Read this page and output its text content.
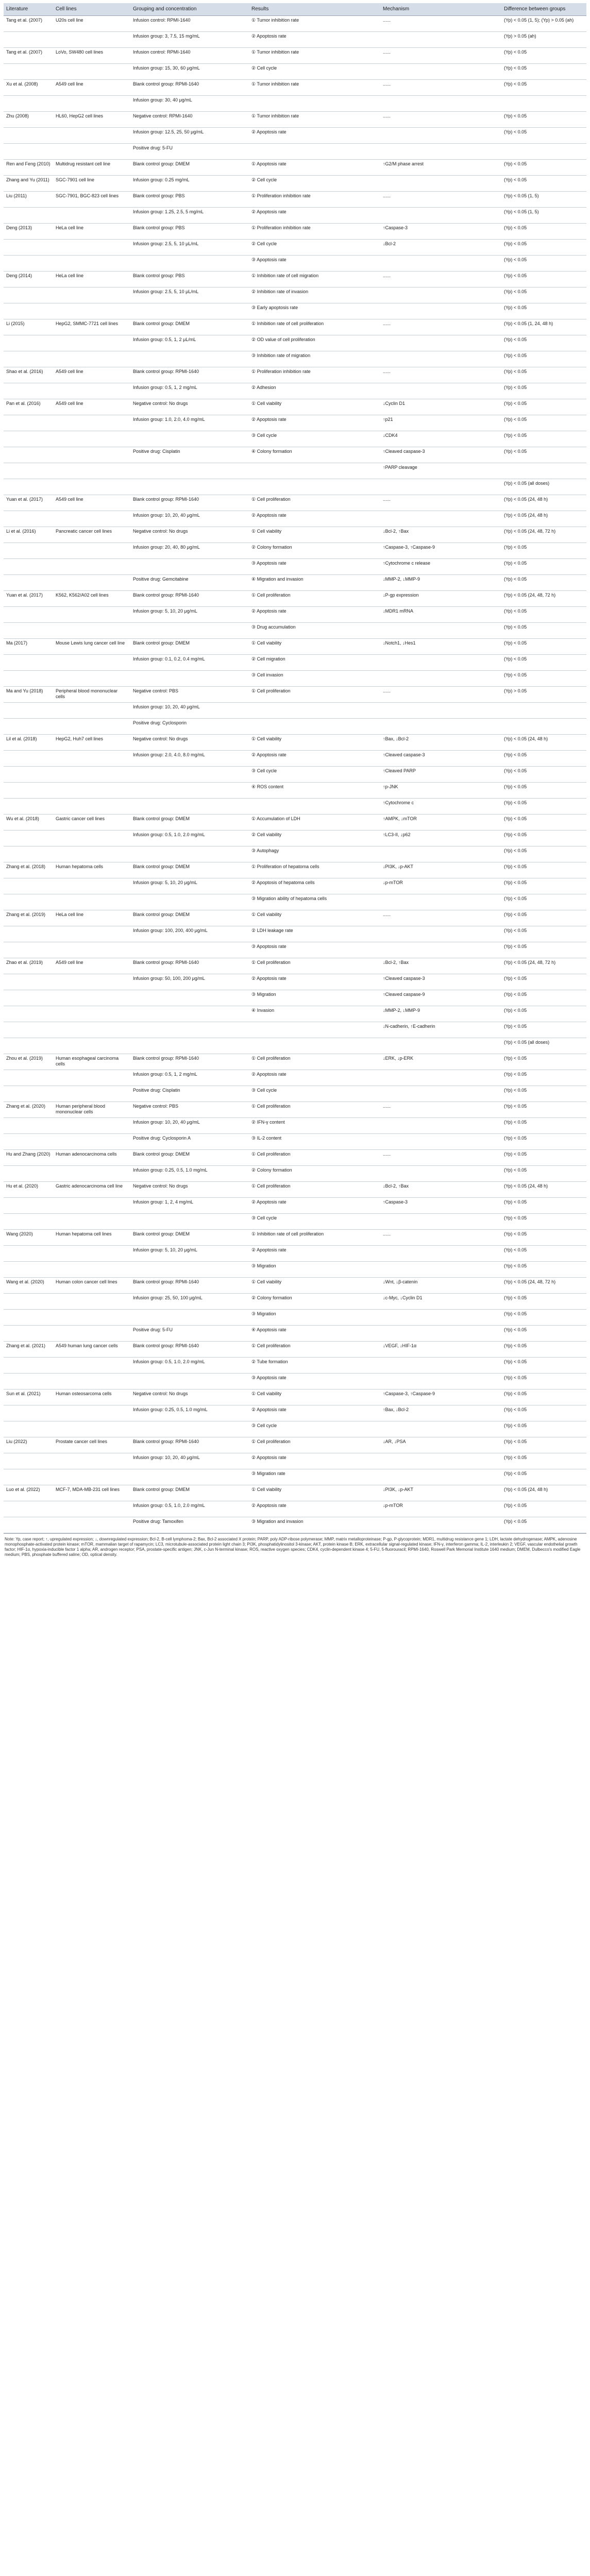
Literature	Cell lines	Grouping and concentration	Results	Mechanism	Difference between groups
Tang et al. (2007)	U20s cell line	Infusion control: RPMI-1640	① Tumor inhibition rate	......	(Yp) < 0.05 (1, 5); (Yp) > 0.05 (ah)
		Infusion group: 3, 7.5, 15 mg/mL	② Apoptosis rate		(Yp) > 0.05 (ah)
Tang et al. (2007)	LoVo, SW480 cell lines	Infusion control: RPMI-1640	① Tumor inhibition rate	......	(Yp) < 0.05
		Infusion group: 15, 30, 60 μg/mL	② Cell cycle		(Yp) < 0.05
Xu et al. (2008)	A549 cell line	Blank control group: RPMI-1640	① Tumor inhibition rate	......	(Yp) < 0.05
		Infusion group: 30, 40 μg/mL			
Zhu (2008)	HL60, HepG2 cell lines	Negative control: RPMI-1640	① Tumor inhibition rate	......	(Yp) < 0.05
		Infusion group: 12.5, 25, 50 μg/mL	② Apoptosis rate		(Yp) < 0.05
		Positive drug: 5-FU			
Ren and Feng (2010)	Multidrug resistant cell line	Blank control group: DMEM	① Apoptosis rate	↑G2/M phase arrest	(Yp) < 0.05
Zhang and Yu (2011)	SGC-7901 cell line	Infusion group: 0.25 mg/mL	② Cell cycle		(Yp) < 0.05
Liu (2011)	SGC-7901, BGC-823 cell lines	Blank control group: PBS	① Proliferation inhibition rate	......	(Yp) < 0.05 (1, 5)
		Infusion group: 1.25, 2.5, 5 mg/mL	② Apoptosis rate		(Yp) < 0.05 (1, 5)
Deng (2013)	HeLa cell line	Blank control group: PBS	① Proliferation inhibition rate	↑Caspase-3	(Yp) < 0.05
		Infusion group: 2.5, 5, 10 μL/mL	② Cell cycle	↓Bcl-2	(Yp) < 0.05
			③ Apoptosis rate		(Yp) < 0.05
Deng (2014)	HeLa cell line	Blank control group: PBS	① Inhibition rate of cell migration	......	(Yp) < 0.05
		Infusion group: 2.5, 5, 10 μL/mL	② Inhibition rate of invasion		(Yp) < 0.05
			③ Early apoptosis rate		(Yp) < 0.05
Li (2015)	HepG2, SMMC-7721 cell lines	Blank control group: DMEM	① Inhibition rate of cell proliferation	......	(Yp) < 0.05 (1, 24, 48 h)
		Infusion group: 0.5, 1, 2 μL/mL	② OD value of cell proliferation		(Yp) < 0.05
			③ Inhibition rate of migration		(Yp) < 0.05
Shao et al. (2016)	A549 cell line	Blank control group: RPMI-1640	① Proliferation inhibition rate	......	(Yp) < 0.05
		Infusion group: 0.5, 1, 2 mg/mL	② Adhesion		(Yp) < 0.05
Pan et al. (2016)	A549 cell line	Negative control: No drugs	① Cell viability	↓Cyclin D1	(Yp) < 0.05
		Infusion group: 1.0, 2.0, 4.0 mg/mL	② Apoptosis rate	↑p21	(Yp) < 0.05
			③ Cell cycle	↓CDK4	(Yp) < 0.05
		Positive drug: Cisplatin	④ Colony formation	↑Cleaved caspase-3	(Yp) < 0.05
				↑PARP cleavage	
					(Yp) < 0.05 (all doses)
Yuan et al. (2017)	A549 cell line	Blank control group: RPMI-1640	① Cell proliferation	......	(Yp) < 0.05 (24, 48 h)
		Infusion group: 10, 20, 40 μg/mL	② Apoptosis rate		(Yp) < 0.05 (24, 48 h)
Li et al. (2016)	Pancreatic cancer cell lines	Negative control: No drugs	① Cell viability	↓Bcl-2, ↑Bax	(Yp) < 0.05 (24, 48, 72 h)
		Infusion group: 20, 40, 80 μg/mL	② Colony formation	↑Caspase-3, ↑Caspase-9	(Yp) < 0.05
			③ Apoptosis rate	↑Cytochrome c release	(Yp) < 0.05
		Positive drug: Gemcitabine	④ Migration and invasion	↓MMP-2, ↓MMP-9	(Yp) < 0.05
Yuan et al. (2017)	K562, K562/A02 cell lines	Blank control group: RPMI-1640	① Cell proliferation	↓P-gp expression	(Yp) < 0.05 (24, 48, 72 h)
		Infusion group: 5, 10, 20 μg/mL	② Apoptosis rate	↓MDR1 mRNA	(Yp) < 0.05
			③ Drug accumulation		(Yp) < 0.05
Ma (2017)	Mouse Lewis lung cancer cell line	Blank control group: DMEM	① Cell viability	↓Notch1, ↓Hes1	(Yp) < 0.05
		Infusion group: 0.1, 0.2, 0.4 mg/mL	② Cell migration		(Yp) < 0.05
			③ Cell invasion		(Yp) < 0.05
Ma and Yu (2018)	Peripheral blood mononuclear cells	Negative control: PBS	① Cell proliferation	......	(Yp) > 0.05
		Infusion group: 10, 20, 40 μg/mL			
		Positive drug: Cyclosporin			
Lil et al. (2018)	HepG2, Huh7 cell lines	Negative control: No drugs	① Cell viability	↑Bax, ↓Bcl-2	(Yp) < 0.05 (24, 48 h)
		Infusion group: 2.0, 4.0, 8.0 mg/mL	② Apoptosis rate	↑Cleaved caspase-3	(Yp) < 0.05
			③ Cell cycle	↑Cleaved PARP	(Yp) < 0.05
			④ ROS content	↑p-JNK	(Yp) < 0.05
				↑Cytochrome c	(Yp) < 0.05
Wu et al. (2018)	Gastric cancer cell lines	Blank control group: DMEM	① Accumulation of LDH	↑AMPK, ↓mTOR	(Yp) < 0.05
		Infusion group: 0.5, 1.0, 2.0 mg/mL	② Cell viability	↑LC3-II, ↓p62	(Yp) < 0.05
			③ Autophagy		(Yp) < 0.05
Zhang et al. (2018)	Human hepatoma cells	Blank control group: DMEM	① Proliferation of hepatoma cells	↓PI3K, ↓p-AKT	(Yp) < 0.05
		Infusion group: 5, 10, 20 μg/mL	② Apoptosis of hepatoma cells	↓p-mTOR	(Yp) < 0.05
			③ Migration ability of hepatoma cells		(Yp) < 0.05
Zhang et al. (2019)	HeLa cell line	Blank control group: DMEM	① Cell viability	......	(Yp) < 0.05
		Infusion group: 100, 200, 400 μg/mL	② LDH leakage rate		(Yp) < 0.05
			③ Apoptosis rate		(Yp) < 0.05
Zhao et al. (2019)	A549 cell line	Blank control group: RPMI-1640	① Cell proliferation	↓Bcl-2, ↑Bax	(Yp) < 0.05 (24, 48, 72 h)
		Infusion group: 50, 100, 200 μg/mL	② Apoptosis rate	↑Cleaved caspase-3	(Yp) < 0.05
			③ Migration	↑Cleaved caspase-9	(Yp) < 0.05
			④ Invasion	↓MMP-2, ↓MMP-9	(Yp) < 0.05
				↓N-cadherin, ↑E-cadherin	(Yp) < 0.05
					(Yp) < 0.05 (all doses)
Zhou et al. (2019)	Human esophageal carcinoma cells	Blank control group: RPMI-1640	① Cell proliferation	↓ERK, ↓p-ERK	(Yp) < 0.05
		Infusion group: 0.5, 1, 2 mg/mL	② Apoptosis rate		(Yp) < 0.05
		Positive drug: Cisplatin	③ Cell cycle		(Yp) < 0.05
Zhang et al. (2020)	Human peripheral blood mononuclear cells	Negative control: PBS	① Cell proliferation	......	(Yp) < 0.05
		Infusion group: 10, 20, 40 μg/mL	② IFN-γ content		(Yp) < 0.05
		Positive drug: Cyclosporin A	③ IL-2 content		(Yp) < 0.05
Hu and Zhang (2020)	Human adenocarcinoma cells	Blank control group: DMEM	① Cell proliferation	......	(Yp) < 0.05
		Infusion group: 0.25, 0.5, 1.0 mg/mL	② Colony formation		(Yp) < 0.05
Hu et al. (2020)	Gastric adenocarcinoma cell line	Negative control: No drugs	① Cell proliferation	↓Bcl-2, ↑Bax	(Yp) < 0.05 (24, 48 h)
		Infusion group: 1, 2, 4 mg/mL	② Apoptosis rate	↑Caspase-3	(Yp) < 0.05
			③ Cell cycle		(Yp) < 0.05
Wang (2020)	Human hepatoma cell lines	Blank control group: DMEM	① Inhibition rate of cell proliferation	......	(Yp) < 0.05
		Infusion group: 5, 10, 20 μg/mL	② Apoptosis rate		(Yp) < 0.05
			③ Migration		(Yp) < 0.05
Wang et al. (2020)	Human colon cancer cell lines	Blank control group: RPMI-1640	① Cell viability	↓Wnt, ↓β-catenin	(Yp) < 0.05 (24, 48, 72 h)
		Infusion group: 25, 50, 100 μg/mL	② Colony formation	↓c-Myc, ↓Cyclin D1	(Yp) < 0.05
			③ Migration		(Yp) < 0.05
		Positive drug: 5-FU	④ Apoptosis rate		(Yp) < 0.05
Zhang et al. (2021)	A549 human lung cancer cells	Blank control group: RPMI-1640	① Cell proliferation	↓VEGF, ↓HIF-1α	(Yp) < 0.05
		Infusion group: 0.5, 1.0, 2.0 mg/mL	② Tube formation		(Yp) < 0.05
			③ Apoptosis rate		(Yp) < 0.05
Sun et al. (2021)	Human osteosarcoma cells	Negative control: No drugs	① Cell viability	↑Caspase-3, ↑Caspase-9	(Yp) < 0.05
		Infusion group: 0.25, 0.5, 1.0 mg/mL	② Apoptosis rate	↑Bax, ↓Bcl-2	(Yp) < 0.05
			③ Cell cycle		(Yp) < 0.05
Liu (2022)	Prostate cancer cell lines	Blank control group: RPMI-1640	① Cell proliferation	↓AR, ↓PSA	(Yp) < 0.05
		Infusion group: 10, 20, 40 μg/mL	② Apoptosis rate		(Yp) < 0.05
			③ Migration rate		(Yp) < 0.05
Luo et al. (2022)	MCF-7, MDA-MB-231 cell lines	Blank control group: DMEM	① Cell viability	↓PI3K, ↓p-AKT	(Yp) < 0.05 (24, 48 h)
		Infusion group: 0.5, 1.0, 2.0 mg/mL	② Apoptosis rate	↓p-mTOR	(Yp) < 0.05
		Positive drug: Tamoxifen	③ Migration and invasion		(Yp) < 0.05
Note: Yp, case report; ↑, upregulated expression; ↓, downregulated expression; Bcl-2, B-cell lymphoma-2; Bax, Bcl-2 associated X protein; PARP, poly ADP-ribose polymerase; MMP, matrix metalloproteinase; P-gp, P-glycoprotein; MDR1, multidrug resistance gene 1; LDH, lactate dehydrogenase; AMPK, adenosine monophosphate-activated protein kinase; mTOR, mammalian target of rapamycin; LC3, microtubule-associated protein light chain 3; PI3K, phosphatidylinositol 3-kinase; AKT, protein kinase B; ERK, extracellular signal-regulated kinase; IFN-γ, interferon gamma; IL-2, interleukin 2; VEGF, vascular endothelial growth factor; HIF-1α, hypoxia-inducible factor 1 alpha; AR, androgen receptor; PSA, prostate-specific antigen; JNK, c-Jun N-terminal kinase; ROS, reactive oxygen species; CDK4, cyclin-dependent kinase 4; 5-FU, 5-fluorouracil; RPMI-1640, Roswell Park Memorial Institute 1640 medium; DMEM, Dulbecco's modified Eagle medium; PBS, phosphate buffered saline; OD, optical density.
